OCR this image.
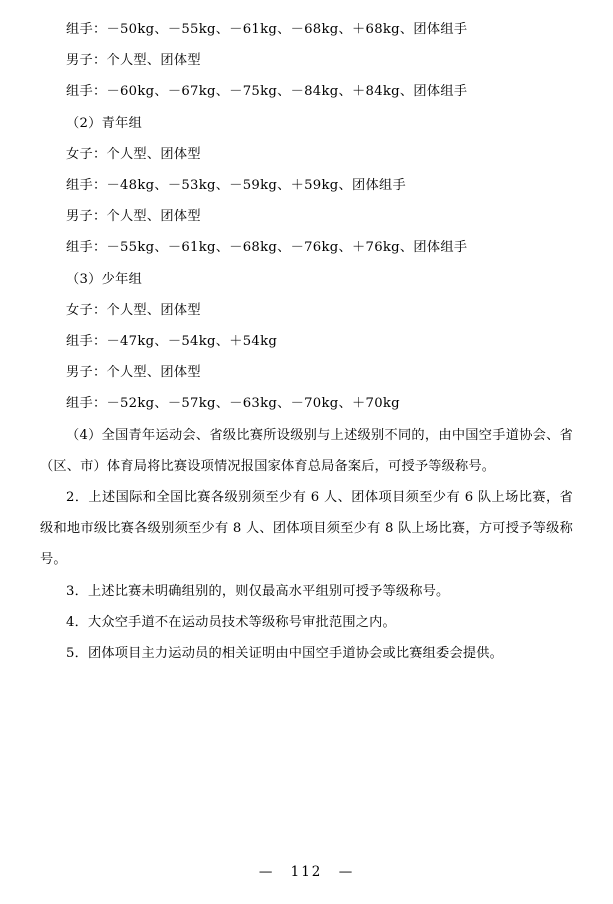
组手：－50kg、－55kg、－61kg、－68kg、＋68kg、团体组手
男子：个人型、团体型
组手：－60kg、－67kg、－75kg、－84kg、＋84kg、团体组手
（2）青年组
女子：个人型、团体型
组手：－48kg、－53kg、－59kg、＋59kg、团体组手
男子：个人型、团体型
组手：－55kg、－61kg、－68kg、－76kg、＋76kg、团体组手
（3）少年组
女子：个人型、团体型
组手：－47kg、－54kg、＋54kg
男子：个人型、团体型
组手：－52kg、－57kg、－63kg、－70kg、＋70kg
（4）全国青年运动会、省级比赛所设级别与上述级别不同的，由中国空手道协会、省（区、市）体育局将比赛设项情况报国家体育总局备案后，可授予等级称号。
2．上述国际和全国比赛各级别须至少有 6 人、团体项目须至少有 6 队上场比赛，省级和地市级比赛各级别须至少有 8 人、团体项目须至少有 8 队上场比赛，方可授予等级称号。
3．上述比赛未明确组别的，则仅最高水平组别可授予等级称号。
4．大众空手道不在运动员技术等级称号审批范围之内。
5．团体项目主力运动员的相关证明由中国空手道协会或比赛组委会提供。
— 112 —
